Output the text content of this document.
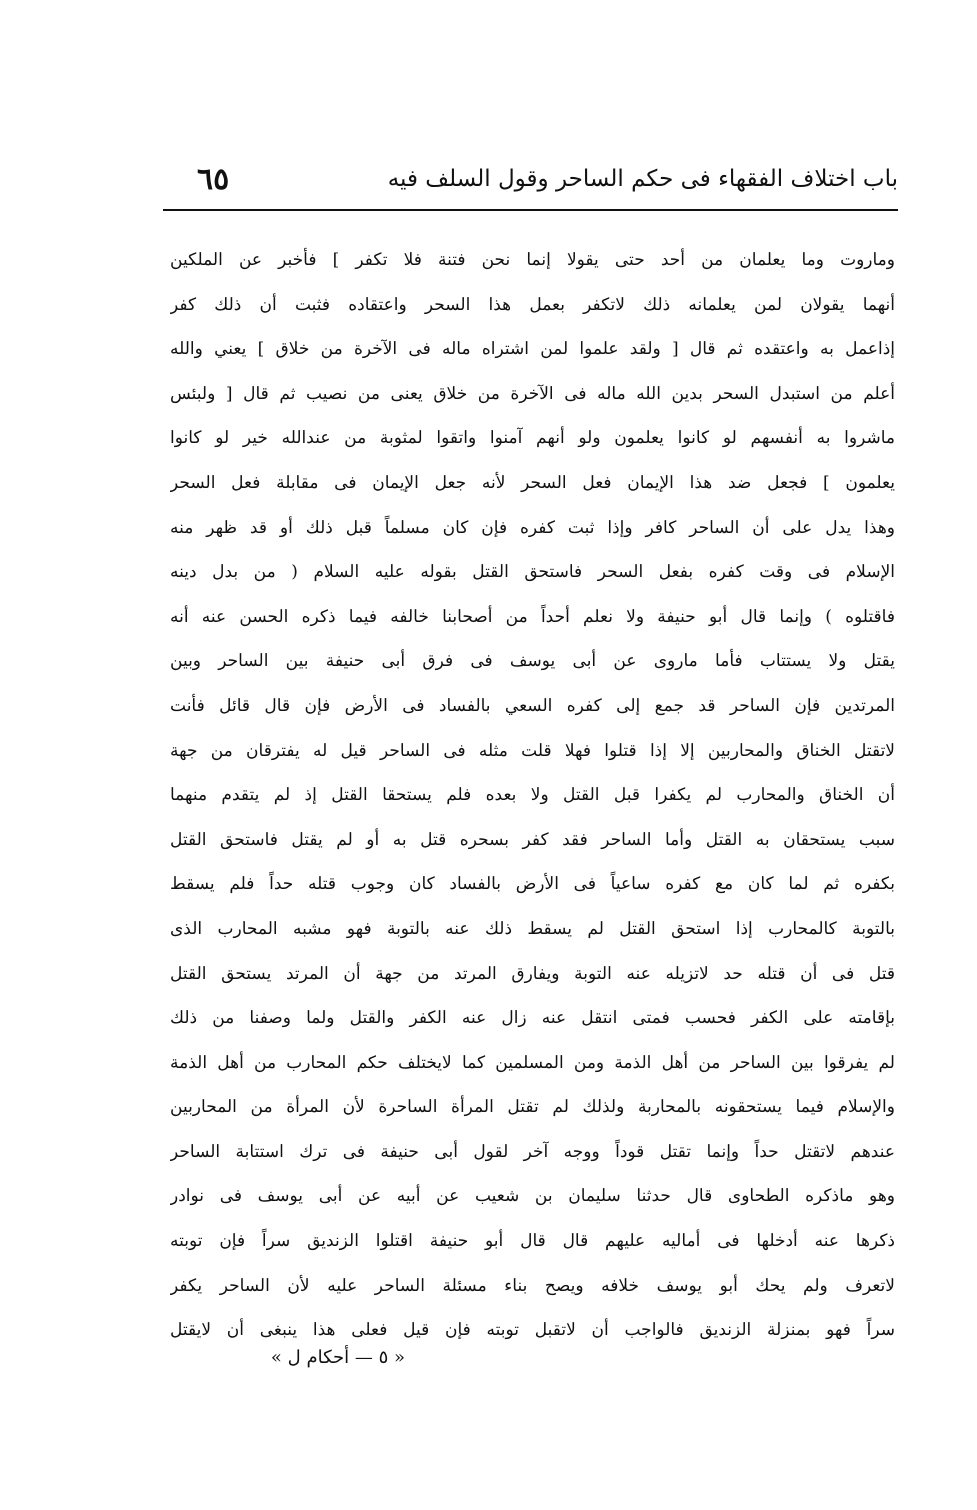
باب اختلاف الفقهاء فى حكم الساحر وقول السلف فيه
٦٥
وماروت وما يعلمان من أحد حتى يقولا إنما نحن فتنة فلا تكفر ] فأخبر عن الملكين
أنهما يقولان لمن يعلمانه ذلك لاتكفر بعمل هذا السحر واعتقاده فثبت أن ذلك كفر
إذاعمل به واعتقده ثم قال [ ولقد علموا لمن اشتراه ماله فى الآخرة من خلاق ] يعني والله
أعلم من استبدل السحر بدين الله ماله فى الآخرة من خلاق يعنى من نصيب ثم قال [ ولبئس
ماشروا به أنفسهم لو كانوا يعلمون ولو أنهم آمنوا واتقوا لمثوبة من عندالله خير لو كانوا
يعلمون ] فجعل ضد هذا الإيمان فعل السحر لأنه جعل الإيمان فى مقابلة فعل السحر
وهذا يدل على أن الساحر كافر وإذا ثبت كفره فإن كان مسلماً قبل ذلك أو قد ظهر منه
الإسلام فى وقت كفره بفعل السحر فاستحق القتل بقوله عليه السلام ( من بدل دينه
فاقتلوه ) وإنما قال أبو حنيفة ولا نعلم أحداً من أصحابنا خالفه فيما ذكره الحسن عنه أنه
يقتل ولا يستتاب فأما ماروى عن أبى يوسف فى فرق أبى حنيفة بين الساحر وبين
المرتدين فإن الساحر قد جمع إلى كفره السعي بالفساد فى الأرض فإن قال قائل فأنت
لاتقتل الخناق والمحاربين إلا إذا قتلوا فهلا قلت مثله فى الساحر قيل له يفترقان من جهة
أن الخناق والمحارب لم يكفرا قبل القتل ولا بعده فلم يستحقا القتل إذ لم يتقدم منهما
سبب يستحقان به القتل وأما الساحر فقد كفر بسحره قتل به أو لم يقتل فاستحق القتل
بكفره ثم لما كان مع كفره ساعياً فى الأرض بالفساد كان وجوب قتله حداً فلم يسقط
بالتوبة كالمحارب إذا استحق القتل لم يسقط ذلك عنه بالتوبة فهو مشبه المحارب الذى
قتل فى أن قتله حد لاتزيله عنه التوبة ويفارق المرتد من جهة أن المرتد يستحق القتل
بإقامته على الكفر فحسب فمتى انتقل عنه زال عنه الكفر والقتل ولما وصفنا من ذلك
لم يفرقوا بين الساحر من أهل الذمة ومن المسلمين كما لايختلف حكم المحارب من أهل الذمة
والإسلام فيما يستحقونه بالمحاربة ولذلك لم تقتل المرأة الساحرة لأن المرأة من المحاربين
عندهم لاتقتل حداً وإنما تقتل قوداً ووجه آخر لقول أبى حنيفة فى ترك استتابة الساحر
وهو ماذكره الطحاوى قال حدثنا سليمان بن شعيب عن أبيه عن أبى يوسف فى نوادر
ذكرها عنه أدخلها فى أماليه عليهم قال قال أبو حنيفة اقتلوا الزنديق سراً فإن توبته
لاتعرف ولم يحك أبو يوسف خلافه ويصح بناء مسئلة الساحر عليه لأن الساحر يكفر
سراً فهو بمنزلة الزنديق فالواجب أن لاتقبل توبته فإن قيل فعلى هذا ينبغى أن لايقتل
« ٥ — أحكام ل »
